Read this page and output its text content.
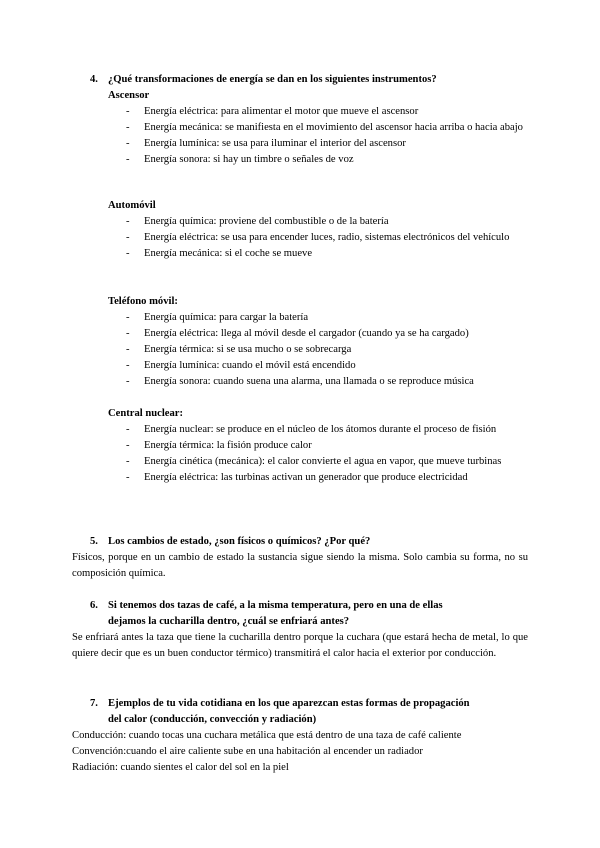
4. ¿Qué transformaciones de energía se dan en los siguientes instrumentos?
Ascensor
- Energía eléctrica: para alimentar el motor que mueve el ascensor
- Energía mecánica: se manifiesta en el movimiento del ascensor hacia arriba o hacia abajo
- Energía lumínica: se usa para iluminar el interior del ascensor
- Energía sonora: si hay un timbre o señales de voz
Automóvil
- Energía química: proviene del combustible o de la batería
- Energía eléctrica: se usa para encender luces, radio, sistemas electrónicos del vehículo
- Energía mecánica: si el coche se mueve
Teléfono móvil:
- Energía química: para cargar la batería
- Energía eléctrica: llega al móvil desde el cargador (cuando ya se ha cargado)
- Energía térmica: si se usa mucho o se sobrecarga
- Energía lumínica: cuando el móvil está encendido
- Energía sonora: cuando suena una alarma, una llamada o se reproduce música
Central nuclear:
- Energía nuclear: se produce en el núcleo de los átomos durante el proceso de fisión
- Energía térmica: la fisión produce calor
- Energía cinética (mecánica): el calor convierte el agua en vapor, que mueve turbinas
- Energía eléctrica: las turbinas activan un generador que produce electricidad
5. Los cambios de estado, ¿son físicos o químicos? ¿Por qué?
Físicos, porque en un cambio de estado la sustancia sigue siendo la misma. Solo cambia su forma, no su composición química.
6. Si tenemos dos tazas de café, a la misma temperatura, pero en una de ellas
dejamos la cucharilla dentro, ¿cuál se enfriará antes?
Se enfriará antes la taza que tiene la cucharilla dentro porque la cuchara (que estará hecha de metal, lo que quiere decir que es un buen conductor térmico) transmitirá el calor hacia el exterior por conducción.
7. Ejemplos de tu vida cotidiana en los que aparezcan estas formas de propagación
del calor (conducción, convección y radiación)
Conducción: cuando tocas una cuchara metálica que está dentro de una taza de café caliente
Convención:cuando el aire caliente sube en una habitación al encender un radiador
Radiación: cuando sientes el calor del sol en la piel
